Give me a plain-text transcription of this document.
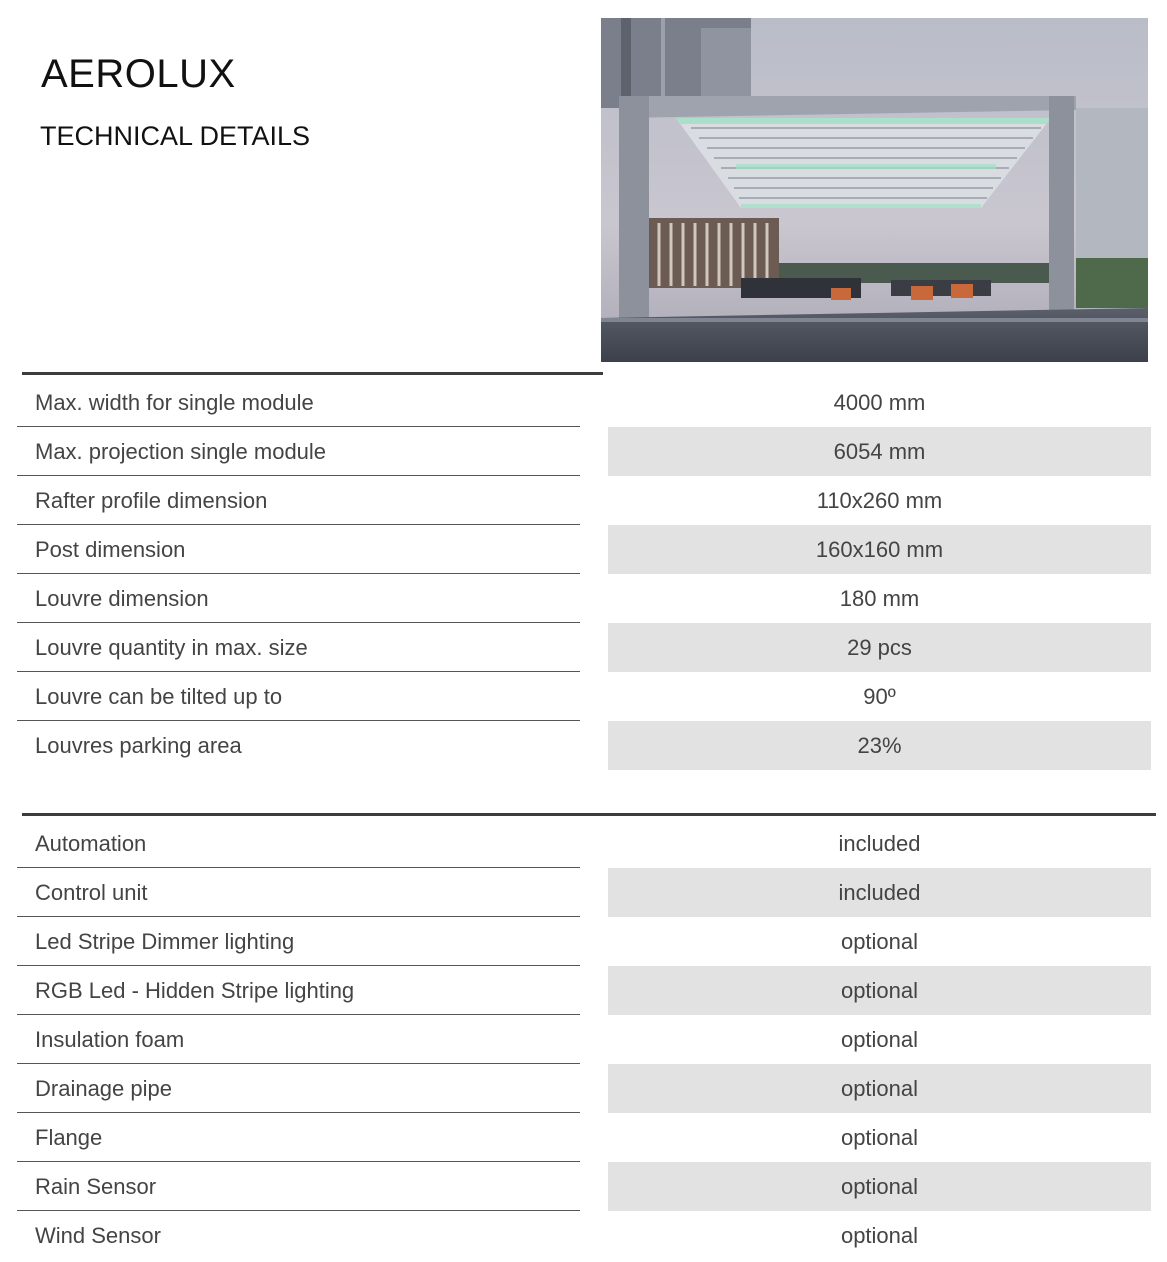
AEROLUX
TECHNICAL DETAILS
Max. width for single module	4000 mm
Max. projection single module	6054 mm
Rafter profile dimension	110x260 mm
Post dimension	160x160 mm
Louvre dimension	180 mm
Louvre quantity in max. size	29 pcs
Louvre can be tilted up to	90º
Louvres parking area	23%
Automation	included
Control unit	included
Led Stripe Dimmer lighting	optional
RGB Led - Hidden Stripe lighting	optional
Insulation foam	optional
Drainage pipe	optional
Flange	optional
Rain Sensor	optional
Wind Sensor	optional
